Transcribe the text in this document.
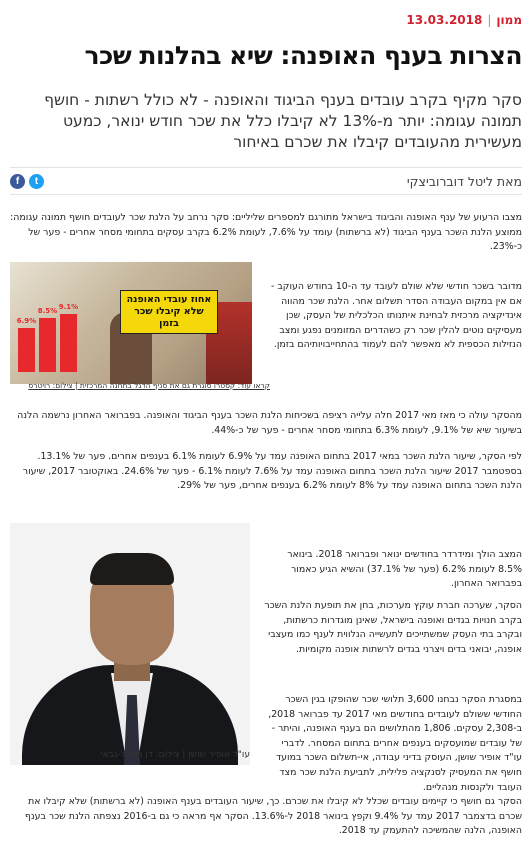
ממון
|
13.03.2018
הצרות בענף האופנה: שיא בהלנות שכר
סקר מקיף בקרב עובדים בענף הביגוד והאופנה - לא כולל רשתות - חושף תמונה עגומה: יותר מ-13% לא קיבלו כלל את שכר חודש ינואר, כמעט מעשירית מהעובדים קיבלו את שכרם באיחור
מאת ליטל דוברוביצקי
f	t

מצבו הרעוע של ענף האופנה והביגוד בישראל מתורגם למספרים שליליים: סקר נרחב על הלנת שכר לעובדים חושף תמונה עגומה: ממוצע הלנת השכר בענף הביגוד (לא ברשתות) עומד על 7.6%, לעומת 6.2% בקרב עסקים בתחומי מסחר אחרים - פער של כ-23%.

אחוז עובדי האופנה שלא קיבלו שכר בזמן
6.9%
8.5% 9.1%

מדובר בשכר חודשי שלא שולם לעובד עד ה-10 בחודש העוקב - אם אין במקום העבודה הסדר תשלום אחר. הלנת שכר מהווה אינדיקציה מרכזית לבחינת איתנותו הכלכלית של העסק, שכן מעסיקים נוטים להלין שכר רק כשהדרים המזומנים נפגע ומצב הנזילות הכספית לא מאפשר להם לעמוד בהתחייבויותיהם בזמן.

קראו עוד: קסטרו סוגרת גם את סניף הדגל בתחנה המרכזית | צילום: רויטרס

מהסקר עולה כי מאז מאי 2017 חלה עלייה רציפה בשכיחות הלנת השכר בענף הביגוד והאופנה. בפברואר האחרון נרשמה הלנה בשיעור שיא של 9.1%, לעומת 6.3% בתחומי מסחר אחרים - פער של כ-44%.

לפי הסקר, שיעור הלנת השכר במאי 2017 בתחום האופנה עמד על 6.9% לעומת 6.1% בענפים אחרים. פער של 13.1%. בספטמבר 2017 שיעור הלנת השכר בתחום האופנה עמד על 7.6% לעומת 6.1% - פער של 24.6%. באוקטובר 2017, שיעור הלנת השכר בתחום האופנה עמד על 8% לעומת 6.2% בענפים אחרים, פער של 29%.

עו"ד אופיר שושן | צילום: דן רפאל-נבאי

המצב הולך ומידרדר בחודשים ינואר ופברואר 2018. בינואר 8.5% לעומת 6.2% (פער של 37.1%) והשיא הגיע כאמור בפברואר האחרון.

הסקר, שערכה חברת עוקץ מערכות, בחן את תופעת הלנת השכר בקרב חנויות בגדים ואופנה בישראל, שאינן מוגדרות כרשתות, ובקרב בתי העסק שמשתייכים לתעשייה הנלווית לענף כמו מעצבי אופנה, יבואני בדים ויצרני בגדים לרשתות אופנה מקומיות.

במסגרת הסקר נבחנו 3,600 תלושי שכר שהופקו בגין השכר החודשי ששולם לעובדים בחודשים מאי 2017 עד פברואר 2018, ב-2,308 עסקים. 1,806 מהתלושים הם בענף האופנה, והיתר - של עובדים שמועסקים בענפים אחרים בתחום המסחר. לדברי עו"ד אופיר שושן, העוסק בדיני עבודה, אי-תשלום השכר במועד חושף את המעסיק לסנקציה פלילית, לתביעת הלנת שכר מצד העובד ולקנסות מנהליים.

הסקר גם חושף כי קיימים עובדים שכלל לא קיבלו את שכרם. כך, שיעור העובדים בענף האופנה (לא ברשתות) שלא קיבלו את שכרם בדצמבר 2017 עמד על 9.4% וקפץ בינואר 2018 ל-13.6%. הסקר אף מראה כי גם ב-2016 נצפתה הלנת שכר בענף האופנה, הלנה שהמשיכה להתעמק עד 2018.
